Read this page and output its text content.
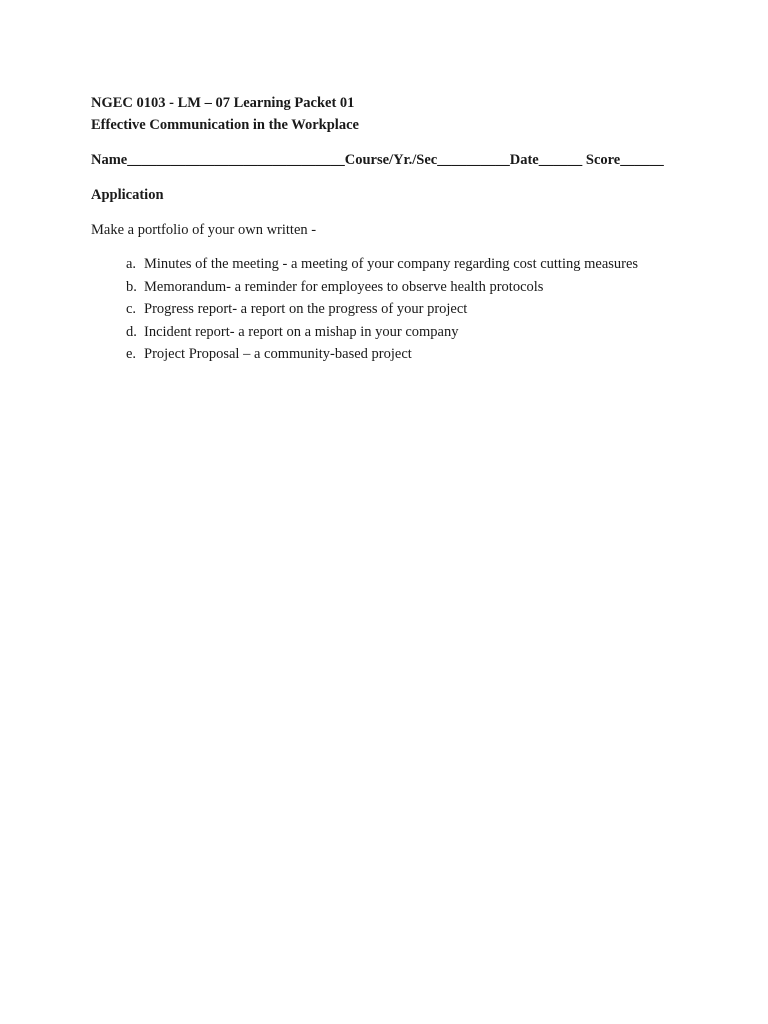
NGEC 0103 - LM – 07 Learning Packet 01
Effective Communication in the Workplace
Name______________________________Course/Yr./Sec__________Date______ Score______
Application
Make a portfolio of your own written -
a. Minutes of the meeting - a meeting of your company regarding cost cutting measures
b. Memorandum- a reminder for employees to observe health protocols
c. Progress report- a report on the progress of your project
d. Incident report- a report on a mishap in your company
e. Project Proposal – a community-based project
